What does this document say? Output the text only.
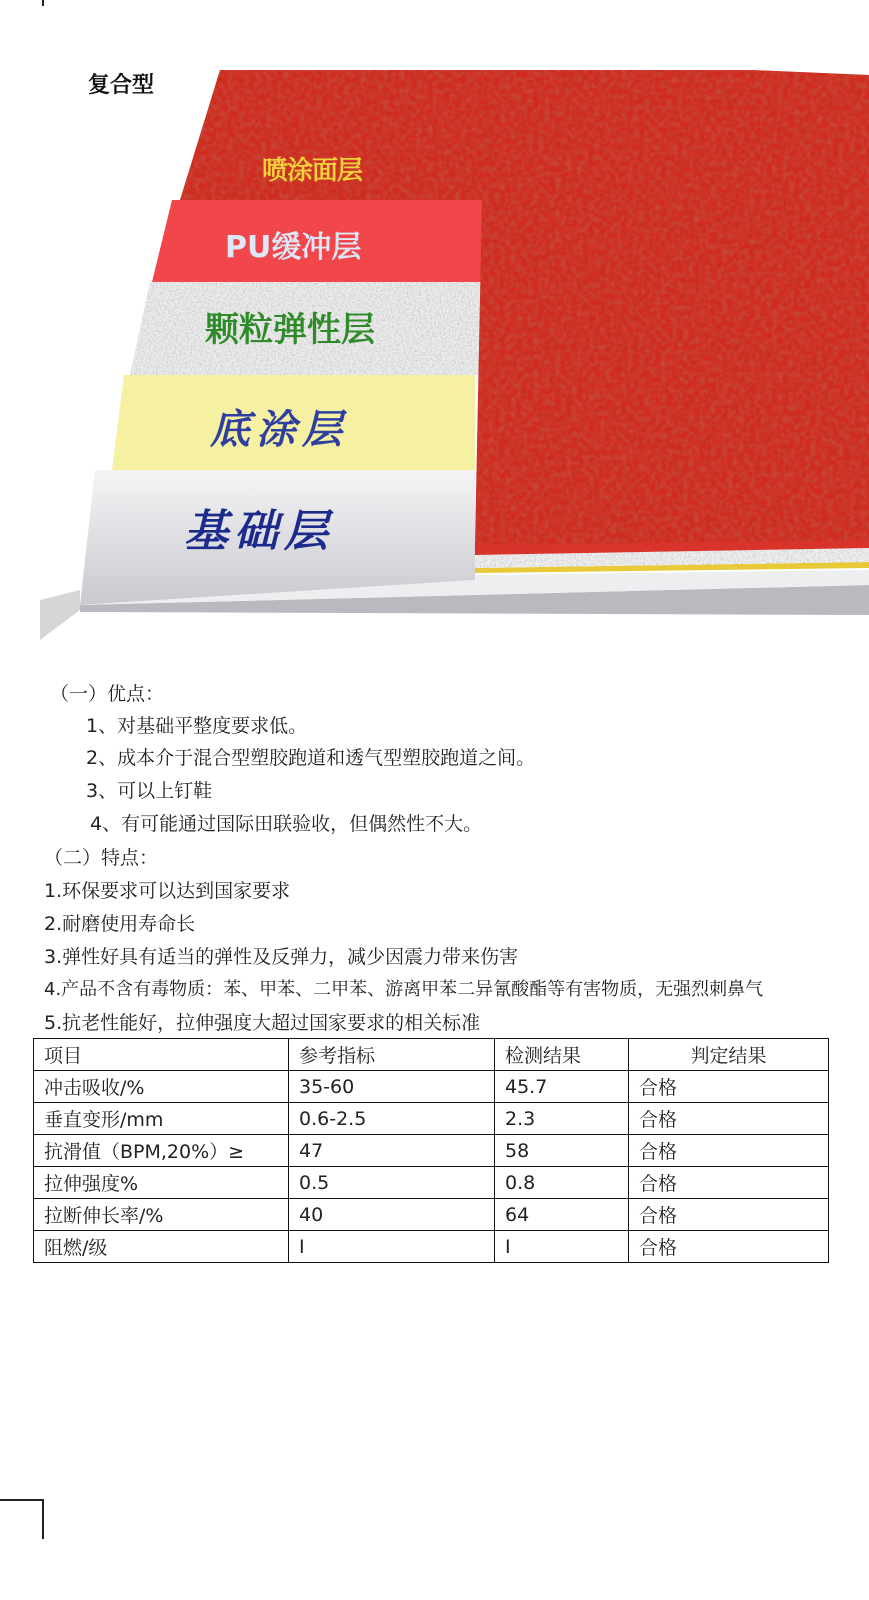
复合型
喷涂面层
PU缓冲层
颗粒弹性层
底涂层
基础层
（一）优点：
1、对基础平整度要求低。
2、成本介于混合型塑胶跑道和透气型塑胶跑道之间。
3、可以上钉鞋
4、有可能通过国际田联验收，但偶然性不大。
（二）特点：
1.环保要求可以达到国家要求
2.耐磨使用寿命长
3.弹性好具有适当的弹性及反弹力，减少因震力带来伤害
4.产品不含有毒物质：苯、甲苯、二甲苯、游离甲苯二异氰酸酯等有害物质，无强烈刺鼻气
5.抗老性能好，拉伸强度大超过国家要求的相关标准
项目	参考指标	检测结果	判定结果
冲击吸收/%	35-60	45.7	合格
垂直变形/mm	0.6-2.5	2.3	合格
抗滑值（BPM,20%）≥	47	58	合格
拉伸强度%	0.5	0.8	合格
拉断伸长率/%	40	64	合格
阻燃/级	I	I	合格
